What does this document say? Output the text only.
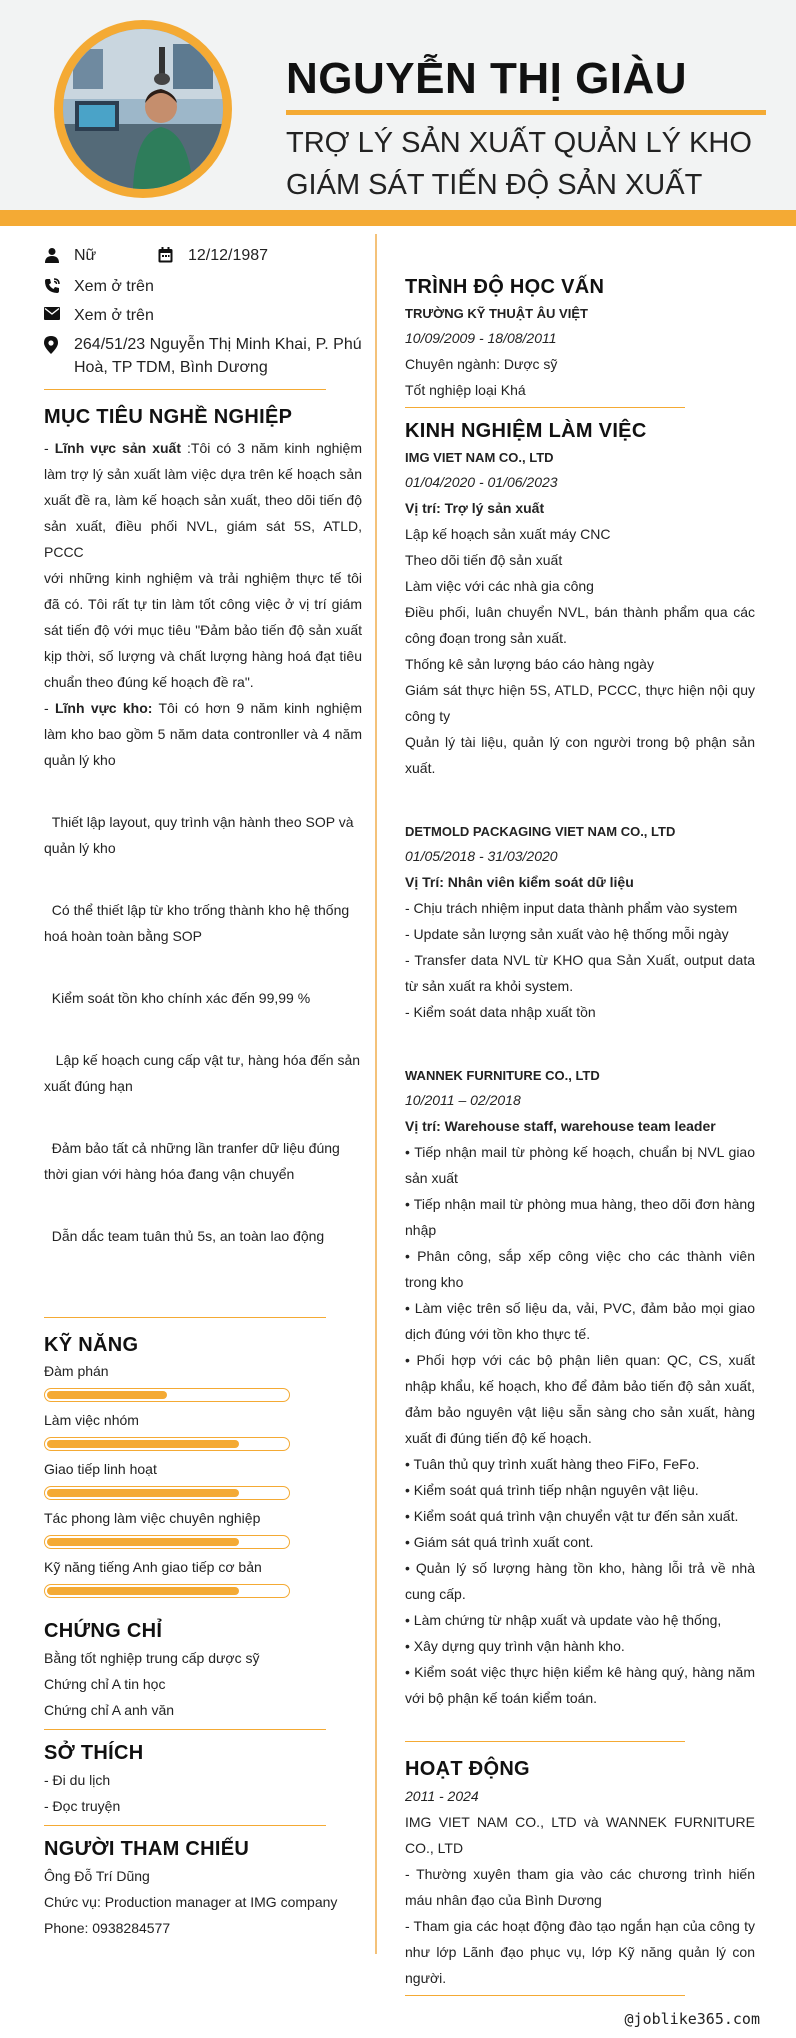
NGUYỄN THỊ GIÀU
TRỢ LÝ SẢN XUẤT QUẢN LÝ KHO
GIÁM SÁT TIẾN ĐỘ SẢN XUẤT
Nữ	12/12/1987
Xem ở trên
Xem ở trên
264/51/23 Nguyễn Thị Minh Khai, P. Phú Hoà, TP TDM, Bình Dương
MỤC TIÊU NGHỀ NGHIỆP
- Lĩnh vực sản xuất :Tôi có 3 năm kinh nghiệm làm trợ lý sản xuất làm việc dựa trên kế hoạch sản xuất đề ra, làm kế hoạch sản xuất, theo dõi tiến độ sản xuất, điều phối NVL, giám sát 5S, ATLD, PCCC
với những kinh nghiệm và trải nghiệm thực tế tôi đã có. Tôi rất tự tin làm tốt công việc ở vị trí giám sát tiến độ với mục tiêu "Đảm bảo tiến độ sản xuất kịp thời, số lượng và chất lượng hàng hoá đạt tiêu chuẩn theo đúng kế hoạch đề ra".
- Lĩnh vực kho: Tôi có hơn 9 năm kinh nghiệm làm kho bao gồm 5 năm data contronller và 4 năm quản lý kho

Thiết lập layout, quy trình vận hành theo SOP và quản lý kho

Có thể thiết lập từ kho trống thành kho hệ thống hoá hoàn toàn bằng SOP

Kiểm soát tồn kho chính xác đến 99,99 %

Lập kế hoạch cung cấp vật tư, hàng hóa đến sản xuất đúng hạn

Đảm bảo tất cả những lần tranfer dữ liệu đúng thời gian với hàng hóa đang vận chuyển

Dẫn dắc team tuân thủ 5s, an toàn lao động

KỸ NĂNG
Đàm phán
Làm việc nhóm
Giao tiếp linh hoạt
Tác phong làm việc chuyên nghiệp
Kỹ năng tiếng Anh giao tiếp cơ bản
CHỨNG CHỈ
Bằng tốt nghiệp trung cấp dược sỹ
Chứng chỉ A tin học
Chứng chỉ A anh văn
SỞ THÍCH
- Đi du lịch
- Đọc truyện
NGƯỜI THAM CHIẾU
Ông Đỗ Trí Dũng
Chức vụ: Production manager at IMG company
Phone: 0938284577
TRÌNH ĐỘ HỌC VẤN
TRƯỜNG KỸ THUẬT ÂU VIỆT
10/09/2009 - 18/08/2011
Chuyên ngành: Dược sỹ
Tốt nghiệp loại Khá
KINH NGHIỆM LÀM VIỆC
IMG VIET NAM CO., LTD
01/04/2020 - 01/06/2023
Vị trí: Trợ lý sản xuất
Lập kế hoạch sản xuất máy CNC
Theo dõi tiến độ sản xuất
Làm việc với các nhà gia công
Điều phối, luân chuyển NVL, bán thành phẩm qua các công đoạn trong sản xuất.
Thống kê sản lượng báo cáo hàng ngày
Giám sát thực hiện 5S, ATLD, PCCC, thực hiện nội quy công ty
Quản lý tài liệu, quản lý con người trong bộ phận sản xuất.
DETMOLD PACKAGING VIET NAM CO., LTD
01/05/2018 - 31/03/2020
Vị Trí: Nhân viên kiểm soát dữ liệu
- Chịu trách nhiệm input data thành phẩm vào system
- Update sản lượng sản xuất vào hệ thống mỗi ngày
- Transfer data NVL từ KHO qua Sản Xuất, output data từ sản xuất ra khỏi system.
- Kiểm soát data nhập xuất tồn
WANNEK FURNITURE CO., LTD
10/2011 – 02/2018
Vị trí: Warehouse staff, warehouse team leader
• Tiếp nhận mail từ phòng kế hoạch, chuẩn bị NVL giao sản xuất
• Tiếp nhận mail từ phòng mua hàng, theo dõi đơn hàng nhập
• Phân công, sắp xếp công việc cho các thành viên trong kho
• Làm việc trên số liệu da, vải, PVC, đảm bảo mọi giao dịch đúng với tồn kho thực tế.
• Phối hợp với các bộ phận liên quan: QC, CS, xuất nhập khẩu, kế hoạch, kho để đảm bảo tiến độ sản xuất, đảm bảo nguyên vật liệu sẵn sàng cho sản xuất, hàng xuất đi đúng tiến độ kế hoạch.
• Tuân thủ quy trình xuất hàng theo FiFo, FeFo.
• Kiểm soát quá trình tiếp nhận nguyên vật liệu.
• Kiểm soát quá trình vận chuyển vật tư đến sản xuất.
• Giám sát quá trình xuất cont.
• Quản lý số lượng hàng tồn kho, hàng lỗi trả về nhà cung cấp.
• Làm chứng từ nhập xuất và update vào hệ thống,
• Xây dựng quy trình vận hành kho.
• Kiểm soát việc thực hiện kiểm kê hàng quý, hàng năm với bộ phận kế toán kiểm toán.
HOẠT ĐỘNG
2011 - 2024
IMG VIET NAM CO., LTD và WANNEK FURNITURE CO., LTD
- Thường xuyên tham gia vào các chương trình hiến máu nhân đạo của Bình Dương
- Tham gia các hoạt động đào tạo ngắn hạn của công ty như lớp Lãnh đạo phục vụ, lớp Kỹ năng quản lý con người.
@joblike365.com
